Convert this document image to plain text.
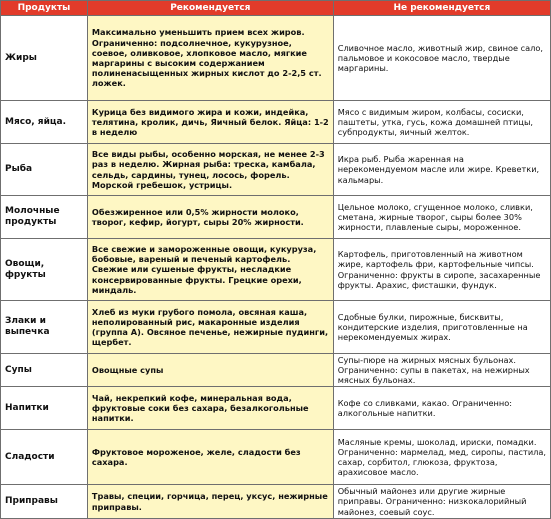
Продукты	Рекомендуется	Не рекомендуется
Жиры	Максимально уменьшить прием всех жиров. Ограниченно: подсолнечное, кукурузное, соевое, оливковое, хлопковое масло, мягкие маргарины с высоким содержанием полиненасыщенных жирных кислот до 2-2,5 ст. ложек.	Сливочное масло, животный жир, свиное сало, пальмовое и кокосовое масло, твердые маргарины.
Мясо, яйца.	Курица без видимого жира и кожи, индейка, телятина, кролик, дичь, Яичный белок. Яйца: 1-2 в неделю	Мясо с видимым жиром, колбасы, сосиски, паштеты, утка, гусь, кожа домашней птицы, субпродукты, яичный желток.
Рыба	Все виды рыбы, особенно морская, не менее 2-3 раз в неделю. Жирная рыба: треска, камбала, сельдь, сардины, тунец, лосось, форель. Морской гребешок, устрицы.	Икра рыб. Рыба жаренная на нерекомендуемом масле или жире. Креветки, кальмары.
Молочные продукты	Обезжиренное или 0,5% жирности молоко, творог, кефир, йогурт, сыры 20% жирности.	Цельное молоко, сгущенное молоко, сливки, сметана, жирные творог, сыры более 30% жирности, плавленые сыры, мороженное.
Овощи, фрукты	Все свежие и замороженные овощи, кукуруза, бобовые, вареный и печеный картофель. Свежие или сушеные фрукты, несладкие консервированные фрукты. Грецкие орехи, миндаль.	Картофель, приготовленный на животном жире, картофель фри, картофельные чипсы. Ограниченно: фрукты в сиропе, засахаренные фрукты. Арахис, фисташки, фундук.
Злаки и выпечка	Хлеб из муки грубого помола, овсяная каша, неполированный рис, макаронные изделия (группа А). Овсяное печенье, нежирные пудинги, щербет.	Сдобные булки, пирожные, бисквиты, кондитерские изделия, приготовленные на нерекомендуемых жирах.
Супы	Овощные супы	Супы-пюре на жирных мясных бульонах. Ограниченно: супы в пакетах, на нежирных мясных бульонах.
Напитки	Чай, некрепкий кофе, минеральная вода, фруктовые соки без сахара, безалкогольные напитки.	Кофе со сливками, какао. Ограниченно: алкогольные напитки.
Сладости	Фруктовое мороженое, желе, сладости без сахара.	Масляные кремы, шоколад, ириски, помадки. Ограниченно: мармелад, мед, сиропы, пастила, сахар, сорбитол, глюкоза, фруктоза, арахисовое масло.
Приправы	Травы, специи, горчица, перец, уксус, нежирные приправы.	Обычный майонез или другие жирные приправы. Ограниченно: низкокалорийный майонез, соевый соус.
